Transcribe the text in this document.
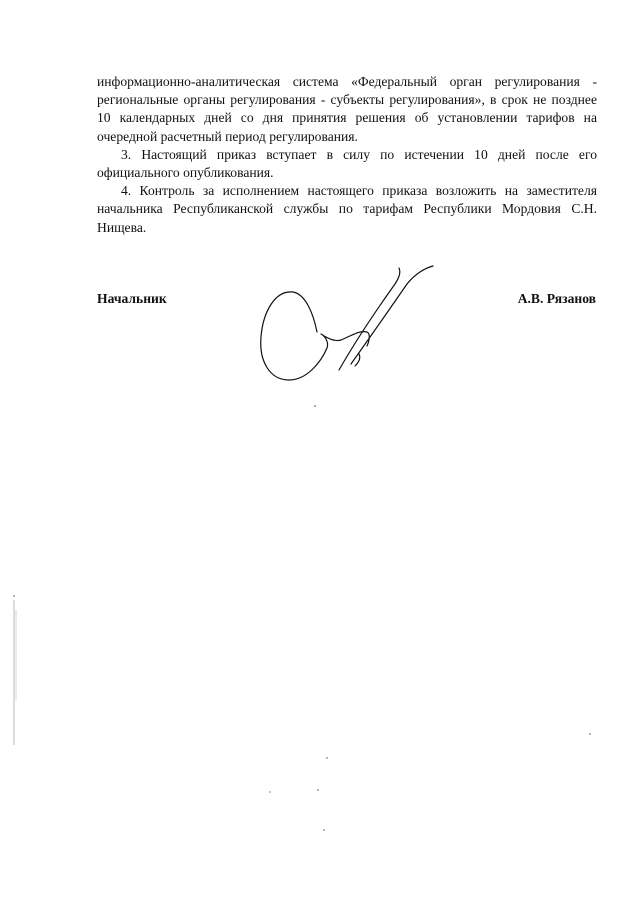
информационно-аналитическая система «Федеральный орган регулирования - региональные органы регулирования - субъекты регулирования», в срок не позднее 10 календарных дней со дня принятия решения об установлении тарифов на очередной расчетный период регулирования.

3. Настоящий приказ вступает в силу по истечении 10 дней после его официального опубликования.

4. Контроль за исполнением настоящего приказа возложить на заместителя начальника Республиканской службы по тарифам Республики Мордовия С.Н. Нищева.

Начальник	А.В. Рязанов
